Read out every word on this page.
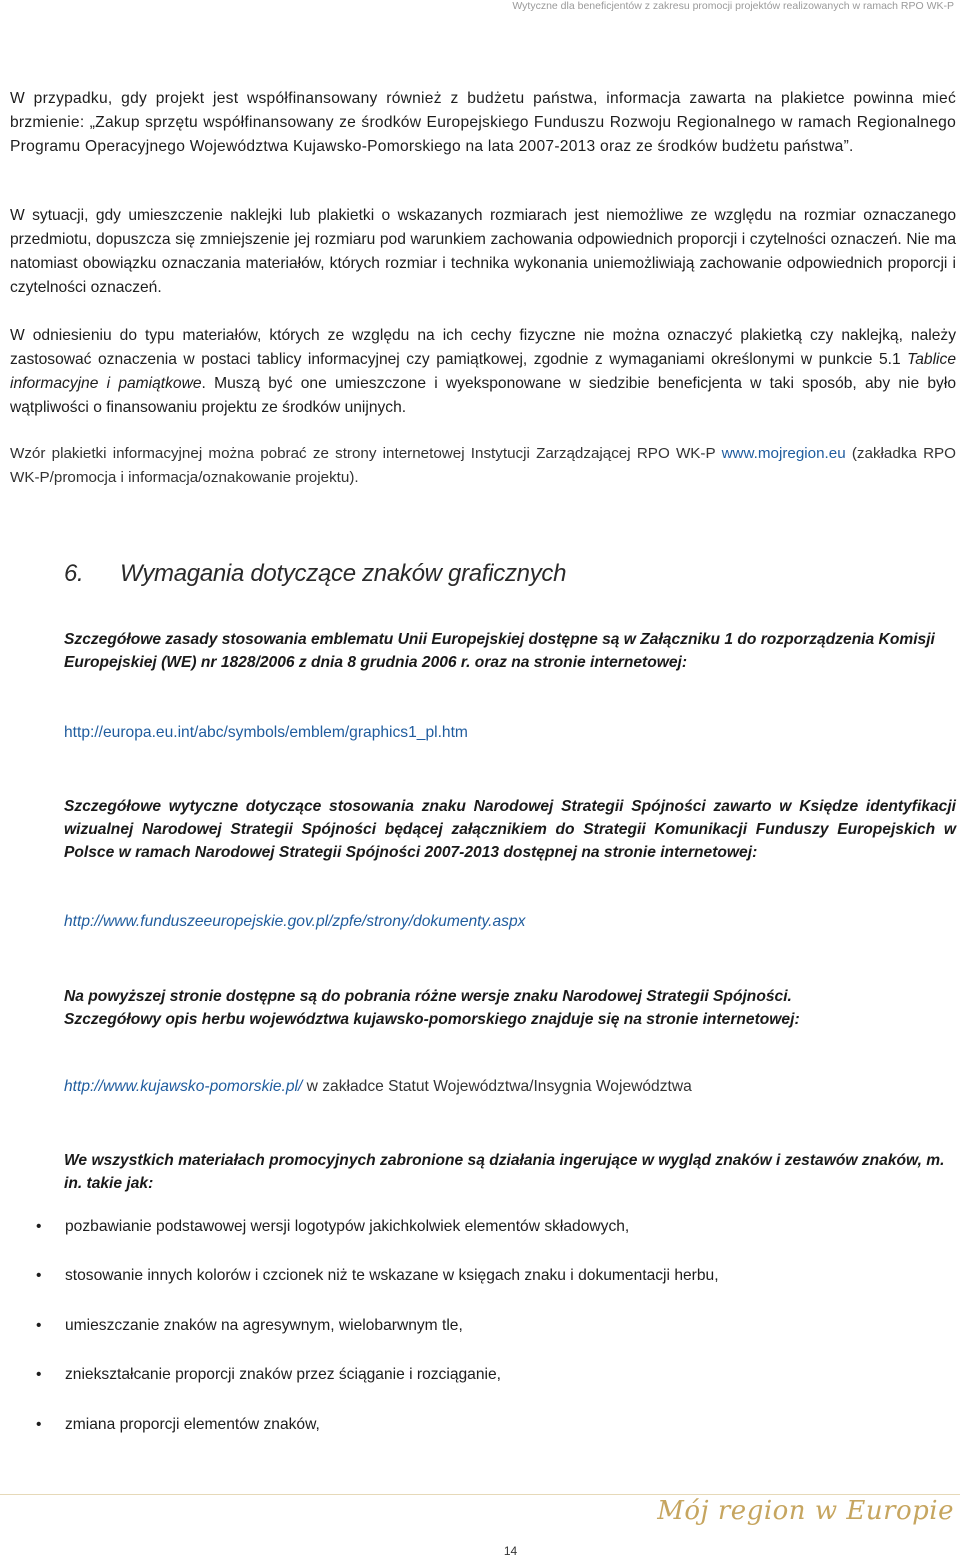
Wytyczne dla beneficjentów z zakresu promocji projektów realizowanych w ramach RPO WK-P

W przypadku, gdy projekt jest współfinansowany również z budżetu państwa, informacja zawarta na plakietce powinna mieć brzmienie: „Zakup sprzętu współfinansowany ze środków Europejskiego Funduszu Rozwoju Regionalnego w ramach Regionalnego Programu Operacyjnego Województwa Kujawsko-Pomorskiego na lata 2007-2013 oraz ze środków budżetu państwa”.

W sytuacji, gdy umieszczenie naklejki lub plakietki o wskazanych rozmiarach jest niemożliwe ze względu na rozmiar oznaczanego przedmiotu, dopuszcza się zmniejszenie jej rozmiaru pod warunkiem zachowania odpowiednich proporcji i czytelności oznaczeń. Nie ma natomiast obowiązku oznaczania materiałów, których rozmiar i technika wykonania uniemożliwiają zachowanie odpowiednich proporcji i czytelności oznaczeń.

W odniesieniu do typu materiałów, których ze względu na ich cechy fizyczne nie można oznaczyć plakietką czy naklejką, należy zastosować oznaczenia w postaci tablicy informacyjnej czy pamiątkowej, zgodnie z wymaganiami określonymi w punkcie 5.1 Tablice informacyjne i pamiątkowe. Muszą być one umieszczone i wyeksponowane w siedzibie beneficjenta w taki sposób, aby nie było wątpliwości o finansowaniu projektu ze środków unijnych.

Wzór plakietki informacyjnej można pobrać ze strony internetowej Instytucji Zarządzającej RPO WK-P www.mojregion.eu (zakładka RPO WK-P/promocja i informacja/oznakowanie projektu).

6. Wymagania dotyczące znaków graficznych

Szczegółowe zasady stosowania emblematu Unii Europejskiej dostępne są w Załączniku 1 do rozporządzenia Komisji Europejskiej (WE) nr 1828/2006 z dnia 8 grudnia 2006 r. oraz na stronie internetowej:

http://europa.eu.int/abc/symbols/emblem/graphics1_pl.htm

Szczegółowe wytyczne dotyczące stosowania znaku Narodowej Strategii Spójności zawarto w Księdze identyfikacji wizualnej Narodowej Strategii Spójności będącej załącznikiem do Strategii Komunikacji Funduszy Europejskich w Polsce w ramach Narodowej Strategii Spójności 2007-2013 dostępnej na stronie internetowej:

http://www.funduszeeuropejskie.gov.pl/zpfe/strony/dokumenty.aspx

Na powyższej stronie dostępne są do pobrania różne wersje znaku Narodowej Strategii Spójności.
Szczegółowy opis herbu województwa kujawsko-pomorskiego znajduje się na stronie internetowej:

http://www.kujawsko-pomorskie.pl/ w zakładce Statut Województwa/Insygnia Województwa

We wszystkich materiałach promocyjnych zabronione są działania ingerujące w wygląd znaków i zestawów znaków, m. in. takie jak:

• pozbawianie podstawowej wersji logotypów jakichkolwiek elementów składowych,
• stosowanie innych kolorów i czcionek niż te wskazane w księgach znaku i dokumentacji herbu,
• umieszczanie znaków na agresywnym, wielobarwnym tle,
• zniekształcanie proporcji znaków przez ściąganie i rozciąganie,
• zmiana proporcji elementów znaków,
Mój region w Europie
14
